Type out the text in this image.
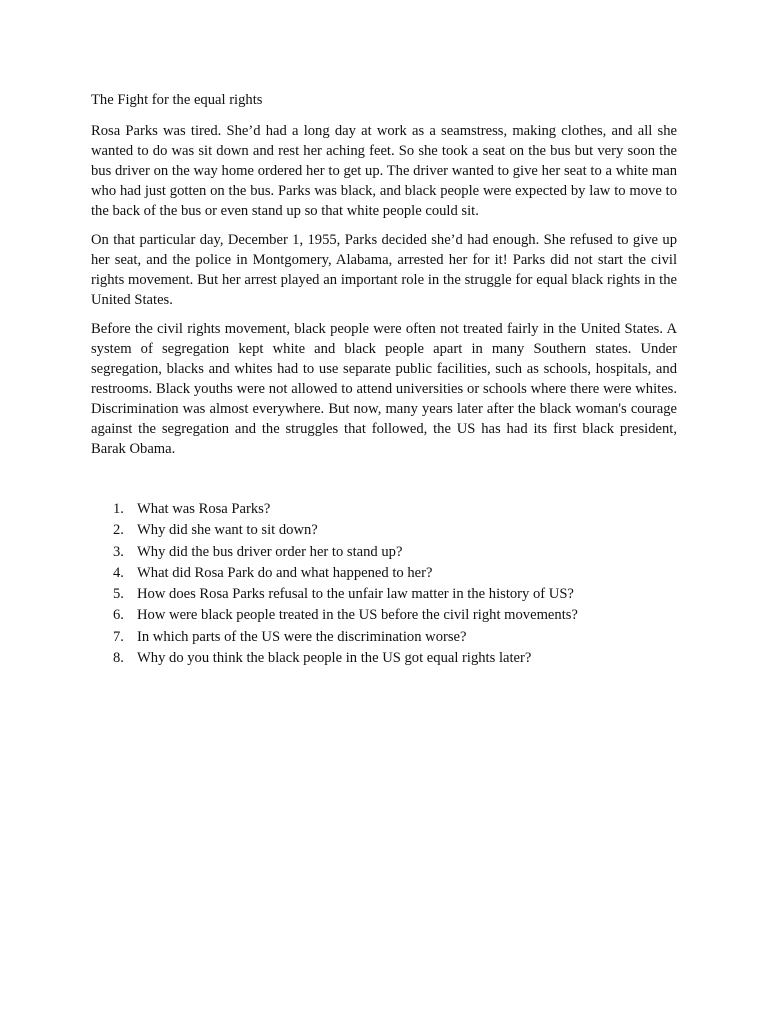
The Fight for the equal rights

Rosa Parks was tired. She’d had a long day at work as a seamstress, making clothes, and all she wanted to do was sit down and rest her aching feet. So she took a seat on the bus but very soon the bus driver on the way home ordered her to get up. The driver wanted to give her seat to a white man who had just gotten on the bus. Parks was black, and black people were expected by law to move to the back of the bus or even stand up so that white people could sit.

On that particular day, December 1, 1955, Parks decided she’d had enough. She refused to give up her seat, and the police in Montgomery, Alabama, arrested her for it! Parks did not start the civil rights movement. But her arrest played an important role in the struggle for equal black rights in the United States.

Before the civil rights movement, black people were often not treated fairly in the United States. A system of segregation kept white and black people apart in many Southern states. Under segregation, blacks and whites had to use separate public facilities, such as schools, hospitals, and restrooms. Black youths were not allowed to attend universities or schools where there were whites. Discrimination was almost everywhere. But now, many years later after the black woman's courage against the segregation and the struggles that followed, the US has had its first black president, Barak Obama.

1. What was Rosa Parks?
2. Why did she want to sit down?
3. Why did the bus driver order her to stand up?
4. What did Rosa Park do and what happened to her?
5. How does Rosa Parks refusal to the unfair law matter in the history of US?
6. How were black people treated in the US before the civil right movements?
7. In which parts of the US were the discrimination worse?
8. Why do you think the black people in the US got equal rights later?
